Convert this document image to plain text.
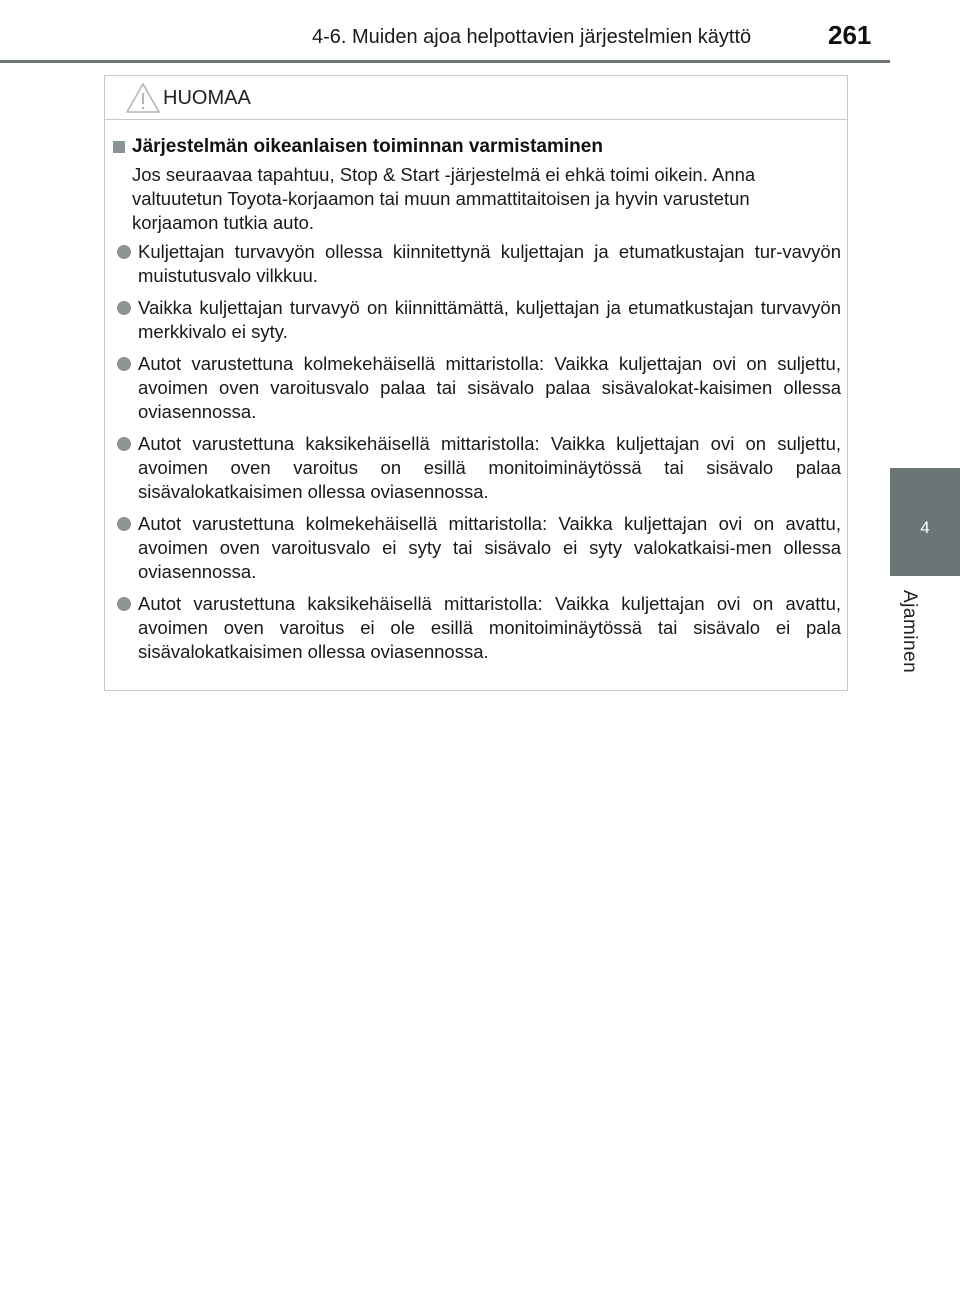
4-6. Muiden ajoa helpottavien järjestelmien käyttö	261
4
Ajaminen
HUOMAA
Järjestelmän oikeanlaisen toiminnan varmistaminen

Jos seuraavaa tapahtuu, Stop & Start -järjestelmä ei ehkä toimi oikein. Anna valtuutetun Toyota-korjaamon tai muun ammattitaitoisen ja hyvin varustetun korjaamon tutkia auto.

Kuljettajan turvavyön ollessa kiinnitettynä kuljettajan ja etumatkustajan tur-vavyön muistutusvalo vilkkuu.
Vaikka kuljettajan turvavyö on kiinnittämättä, kuljettajan ja etumatkustajan turvavyön merkkivalo ei syty.
Autot varustettuna kolmekehäisellä mittaristolla: Vaikka kuljettajan ovi on suljettu, avoimen oven varoitusvalo palaa tai sisävalo palaa sisävalokat-kaisimen ollessa oviasennossa.
Autot varustettuna kaksikehäisellä mittaristolla: Vaikka kuljettajan ovi on suljettu, avoimen oven varoitus on esillä monitoiminäytössä tai sisävalo palaa sisävalokatkaisimen ollessa oviasennossa.
Autot varustettuna kolmekehäisellä mittaristolla: Vaikka kuljettajan ovi on avattu, avoimen oven varoitusvalo ei syty tai sisävalo ei syty valokatkaisi-men ollessa oviasennossa.
Autot varustettuna kaksikehäisellä mittaristolla: Vaikka kuljettajan ovi on avattu, avoimen oven varoitus ei ole esillä monitoiminäytössä tai sisävalo ei pala sisävalokatkaisimen ollessa oviasennossa.
